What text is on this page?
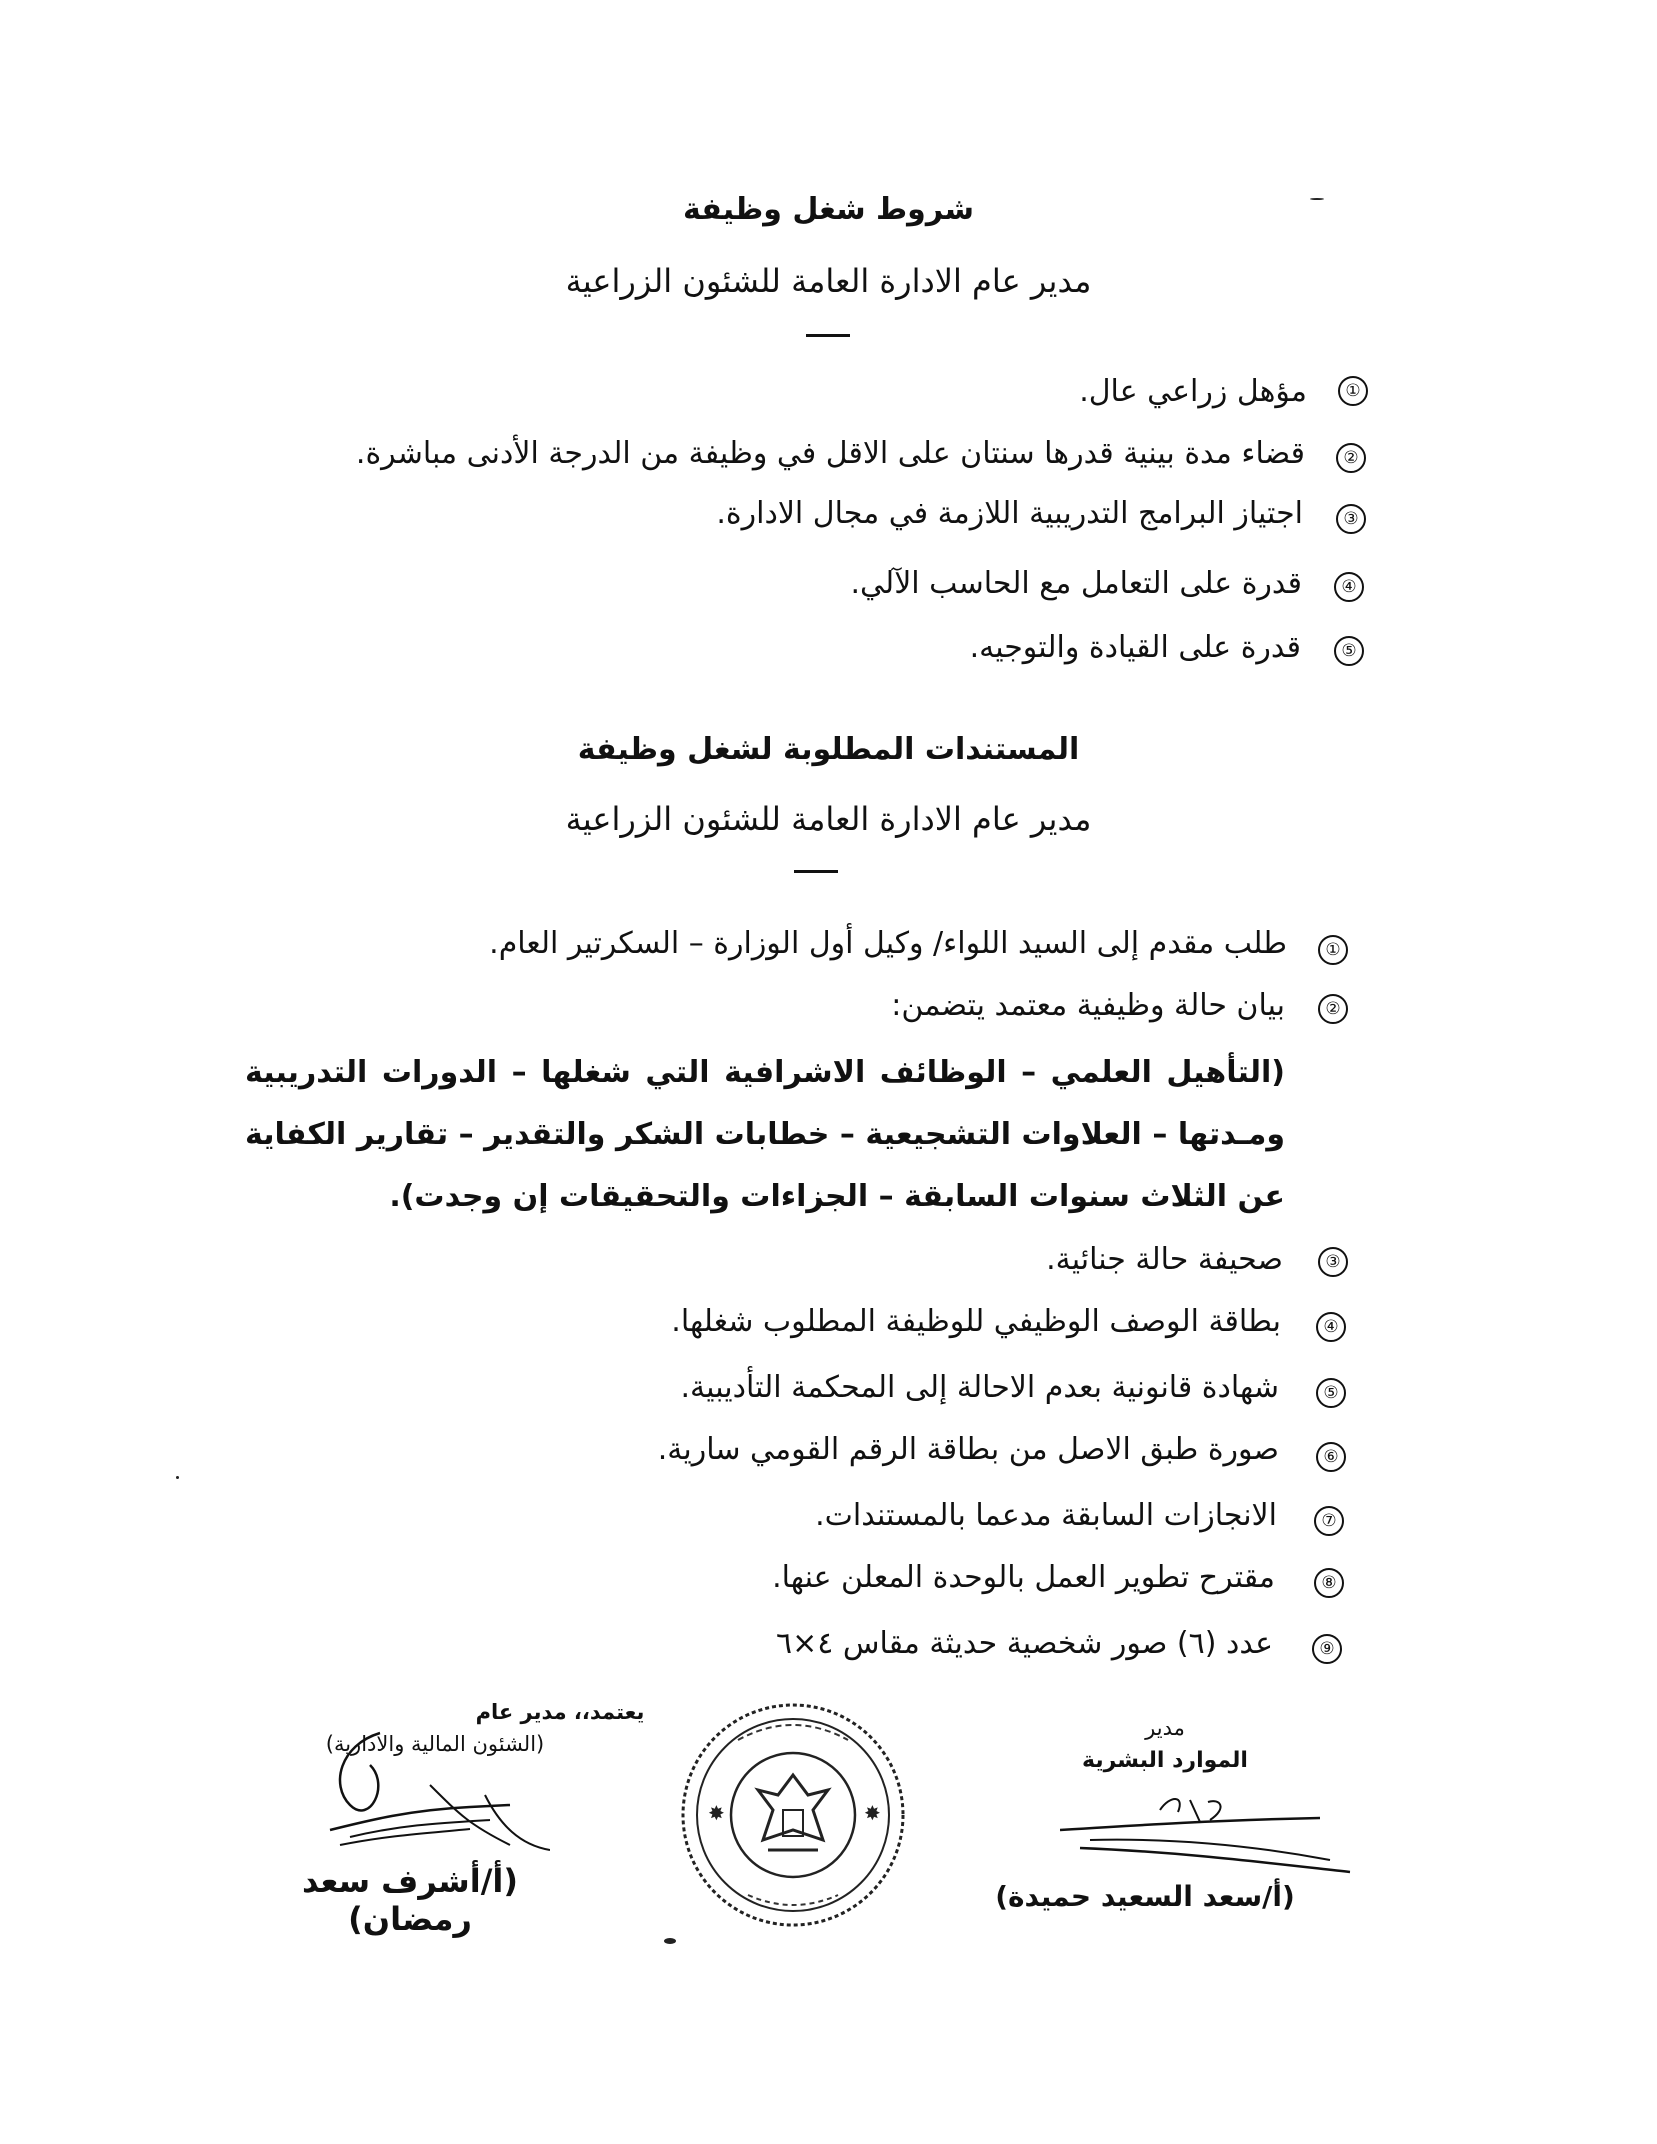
شروط شغل وظيفة
مدير عام الادارة العامة للشئون الزراعية
①
مؤهل زراعي عال.
②
قضاء مدة بينية قدرها سنتان على الاقل في وظيفة من الدرجة الأدنى مباشرة.
③
اجتياز البرامج التدريبية اللازمة في مجال الادارة.
④
قدرة على التعامل مع الحاسب الآلي.
⑤
قدرة على القيادة والتوجيه.
المستندات المطلوبة لشغل وظيفة
مدير عام الادارة العامة للشئون الزراعية
①
طلب مقدم إلى السيد اللواء/ وكيل أول الوزارة – السكرتير العام.
②
بيان حالة وظيفية معتمد يتضمن:
(التأهيل العلمي – الوظائف الاشرافية التي شغلها – الدورات التدريبية ومـدتها – العلاوات التشجيعية – خطابات الشكر والتقدير – تقارير الكفاية عن الثلاث سنوات السابقة – الجزاءات والتحقيقات إن وجدت).
③
صحيفة حالة جنائية.
④
بطاقة الوصف الوظيفي للوظيفة المطلوب شغلها.
⑤
شهادة قانونية بعدم الاحالة إلى المحكمة التأديبية.
⑥
صورة طبق الاصل من بطاقة الرقم القومي سارية.
⑦
الانجازات السابقة مدعما بالمستندات.
⑧
مقترح تطوير العمل بالوحدة المعلن عنها.
⑨
عدد (٦) صور شخصية حديثة مقاس ٤×٦
يعتمد،، مدير عام
(الشئون المالية والادارية)
(أ/أشرف سعد رمضان)
✸	✸
مدير
الموارد البشرية
(أ/سعد السعيد حميدة)
